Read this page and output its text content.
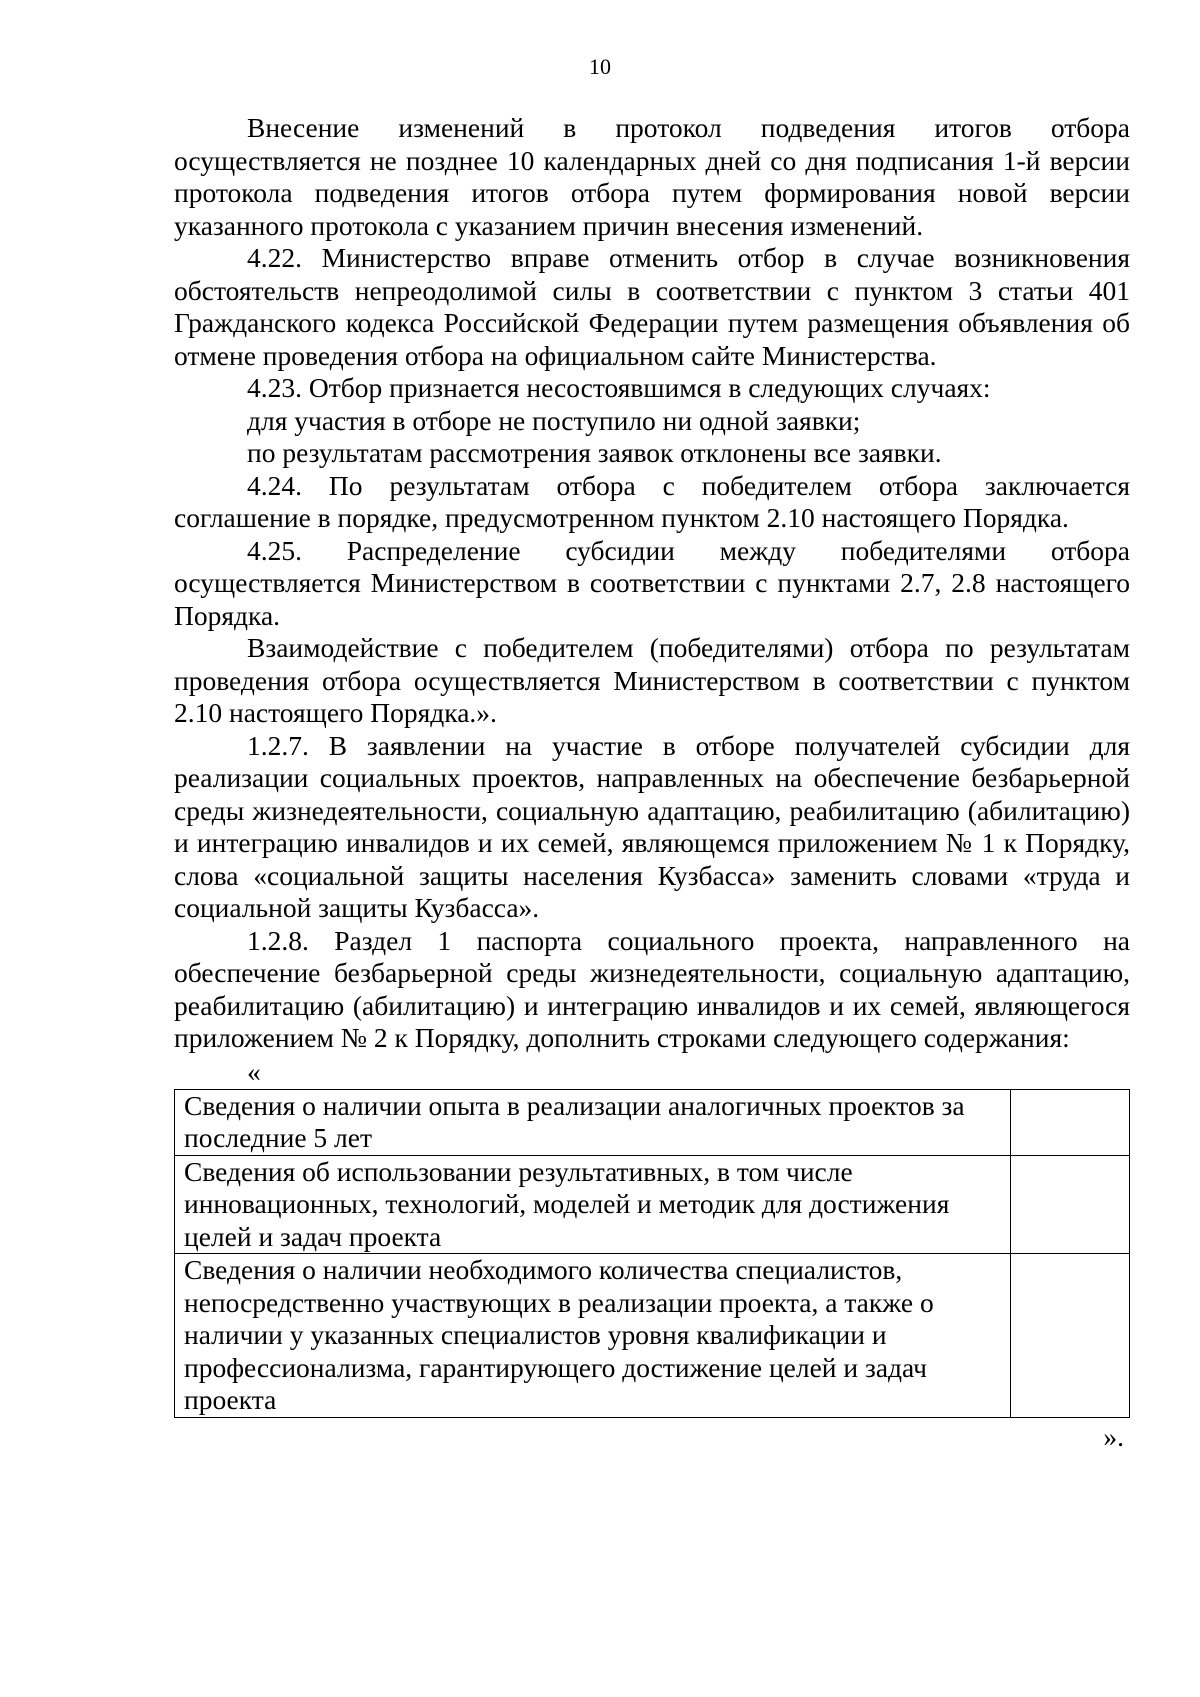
10

Внесение изменений в протокол подведения итогов отбора осуществляется не позднее 10 календарных дней со дня подписания 1-й версии протокола подведения итогов отбора путем формирования новой версии указанного протокола с указанием причин внесения изменений.

4.22. Министерство вправе отменить отбор в случае возникновения обстоятельств непреодолимой силы в соответствии с пунктом 3 статьи 401 Гражданского кодекса Российской Федерации путем размещения объявления об отмене проведения отбора на официальном сайте Министерства.

4.23. Отбор признается несостоявшимся в следующих случаях:

для участия в отборе не поступило ни одной заявки;

по результатам рассмотрения заявок отклонены все заявки.

4.24. По результатам отбора с победителем отбора заключается соглашение в порядке, предусмотренном пунктом 2.10 настоящего Порядка.

4.25. Распределение субсидии между победителями отбора осуществляется Министерством в соответствии с пунктами 2.7, 2.8 настоящего Порядка.

Взаимодействие с победителем (победителями) отбора по результатам проведения отбора осуществляется Министерством в соответствии с пунктом 2.10 настоящего Порядка.».

1.2.7. В заявлении на участие в отборе получателей субсидии для реализации социальных проектов, направленных на обеспечение безбарьерной среды жизнедеятельности, социальную адаптацию, реабилитацию (абилитацию) и интеграцию инвалидов и их семей, являющемся приложением № 1 к Порядку, слова «социальной защиты населения Кузбасса» заменить словами «труда и социальной защиты Кузбасса».

1.2.8. Раздел 1 паспорта социального проекта, направленного на обеспечение безбарьерной среды жизнедеятельности, социальную адаптацию, реабилитацию (абилитацию) и интеграцию инвалидов и их семей, являющегося приложением № 2 к Порядку, дополнить строками следующего содержания:

«

Сведения о наличии опыта в реализации аналогичных проектов за последние 5 лет	
Сведения об использовании результативных, в том числе инновационных, технологий, моделей и методик для достижения целей и задач проекта	
Сведения о наличии необходимого количества специалистов, непосредственно участвующих в реализации проекта, а также о наличии у указанных специалистов уровня квалификации и профессионализма, гарантирующего достижение целей и задач проекта	

».
